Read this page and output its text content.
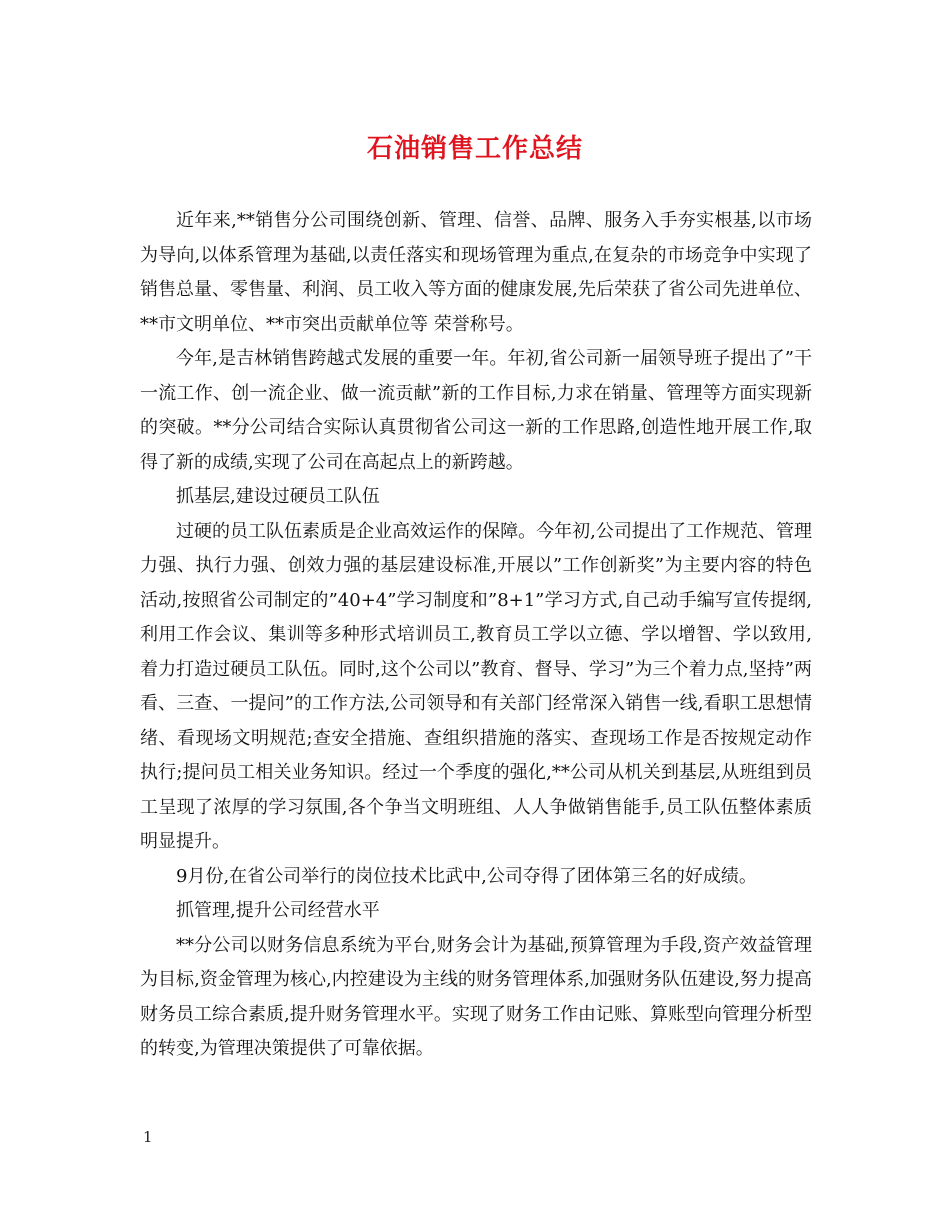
石油销售工作总结

近年来,**销售分公司围绕创新、管理、信誉、品牌、服务入手夯实根基,以市场为导向,以体系管理为基础,以责任落实和现场管理为重点,在复杂的市场竞争中实现了销售总量、零售量、利润、员工收入等方面的健康发展,先后荣获了省公司先进单位、**市文明单位、**市突出贡献单位等 荣誉称号。

今年,是吉林销售跨越式发展的重要一年。年初,省公司新一届领导班子提出了”干一流工作、创一流企业、做一流贡献”新的工作目标,力求在销量、管理等方面实现新的突破。**分公司结合实际认真贯彻省公司这一新的工作思路,创造性地开展工作,取得了新的成绩,实现了公司在高起点上的新跨越。

抓基层,建设过硬员工队伍

过硬的员工队伍素质是企业高效运作的保障。今年初,公司提出了工作规范、管理力强、执行力强、创效力强的基层建设标准,开展以”工作创新奖”为主要内容的特色活动,按照省公司制定的”40+4”学习制度和”8+1”学习方式,自己动手编写宣传提纲,利用工作会议、集训等多种形式培训员工,教育员工学以立德、学以增智、学以致用,着力打造过硬员工队伍。同时,这个公司以”教育、督导、学习”为三个着力点,坚持”两看、三查、一提问”的工作方法,公司领导和有关部门经常深入销售一线,看职工思想情绪、看现场文明规范;查安全措施、查组织措施的落实、查现场工作是否按规定动作执行;提问员工相关业务知识。经过一个季度的强化,**公司从机关到基层,从班组到员工呈现了浓厚的学习氛围,各个争当文明班组、人人争做销售能手,员工队伍整体素质明显提升。

9月份,在省公司举行的岗位技术比武中,公司夺得了团体第三名的好成绩。

抓管理,提升公司经营水平

**分公司以财务信息系统为平台,财务会计为基础,预算管理为手段,资产效益管理为目标,资金管理为核心,内控建设为主线的财务管理体系,加强财务队伍建设,努力提高财务员工综合素质,提升财务管理水平。实现了财务工作由记账、算账型向管理分析型的转变,为管理决策提供了可靠依据。

1
